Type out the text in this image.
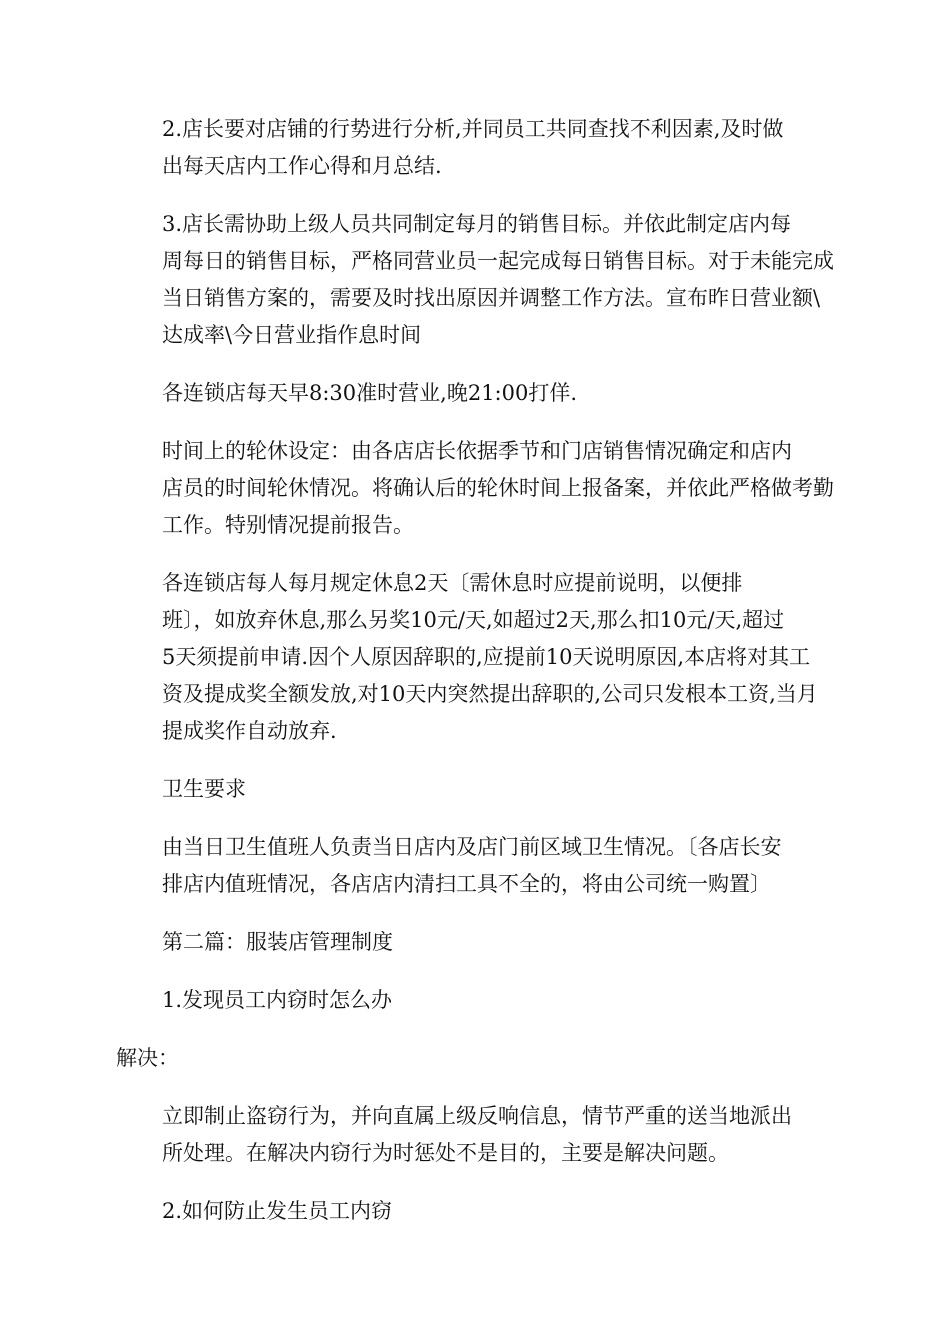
2.店长要对店铺的行势进行分析,并同员工共同查找不利因素,及时做
出每天店内工作心得和月总结.

3.店长需协助上级人员共同制定每月的销售目标。并依此制定店内每
周每日的销售目标，严格同营业员一起完成每日销售目标。对于未能完成
当日销售方案的，需要及时找出原因并调整工作方法。宣布昨日营业额\
达成率\今日营业指作息时间

各连锁店每天早8:30准时营业,晚21:00打佯.

时间上的轮休设定：由各店店长依据季节和门店销售情况确定和店内
店员的时间轮休情况。将确认后的轮休时间上报备案，并依此严格做考勤
工作。特别情况提前报告。

各连锁店每人每月规定休息2天〔需休息时应提前说明，以便排
班〕，如放弃休息,那么另奖10元/天,如超过2天,那么扣10元/天,超过
5天须提前申请.因个人原因辞职的,应提前10天说明原因,本店将对其工
资及提成奖全额发放,对10天内突然提出辞职的,公司只发根本工资,当月
提成奖作自动放弃.

卫生要求

由当日卫生值班人负责当日店内及店门前区域卫生情况。〔各店长安
排店内值班情况，各店店内清扫工具不全的，将由公司统一购置〕

第二篇：服装店管理制度

1.发现员工内窃时怎么办

解决：

立即制止盗窃行为，并向直属上级反响信息，情节严重的送当地派出
所处理。在解决内窃行为时惩处不是目的，主要是解决问题。

2.如何防止发生员工内窃
